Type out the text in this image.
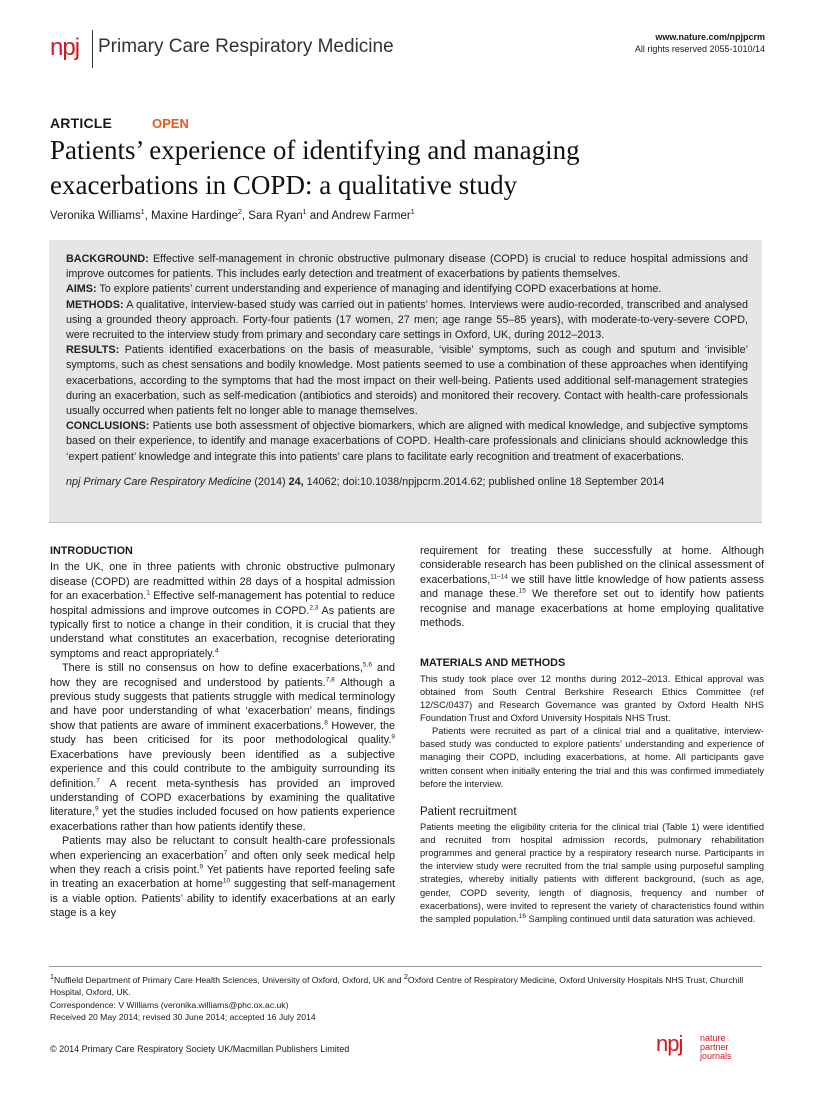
npj Primary Care Respiratory Medicine	www.nature.com/npjpcrm
All rights reserved 2055-1010/14
ARTICLE	OPEN
Patients’ experience of identifying and managing exacerbations in COPD: a qualitative study
Veronika Williams$^1$, Maxine Hardinge$^2$, Sara Ryan$^1$ and Andrew Farmer$^1$

BACKGROUND: Effective self-management in chronic obstructive pulmonary disease (COPD) is crucial to reduce hospital admissions and improve outcomes for patients. This includes early detection and treatment of exacerbations by patients themselves.

AIMS: To explore patients’ current understanding and experience of managing and identifying COPD exacerbations at home.

METHODS: A qualitative, interview-based study was carried out in patients’ homes. Interviews were audio-recorded, transcribed and analysed using a grounded theory approach. Forty-four patients (17 women, 27 men; age range 55–85 years), with moderate-to-very-severe COPD, were recruited to the interview study from primary and secondary care settings in Oxford, UK, during 2012–2013.

RESULTS: Patients identified exacerbations on the basis of measurable, ‘visible’ symptoms, such as cough and sputum and ‘invisible’ symptoms, such as chest sensations and bodily knowledge. Most patients seemed to use a combination of these approaches when identifying exacerbations, according to the symptoms that had the most impact on their well-being. Patients used additional self-management strategies during an exacerbation, such as self-medication (antibiotics and steroids) and monitored their recovery. Contact with health-care professionals usually occurred when patients felt no longer able to manage themselves.

CONCLUSIONS: Patients use both assessment of objective biomarkers, which are aligned with medical knowledge, and subjective symptoms based on their experience, to identify and manage exacerbations of COPD. Health-care professionals and clinicians should acknowledge this ‘expert patient’ knowledge and integrate this into patients’ care plans to facilitate early recognition and treatment of exacerbations.

npj Primary Care Respiratory Medicine (2014) 24, 14062; doi:10.1038/npjpcrm.2014.62; published online 18 September 2014

INTRODUCTION

In the UK, one in three patients with chronic obstructive pulmonary disease (COPD) are readmitted within 28 days of a hospital admission for an exacerbation.$^1$ Effective self-management has potential to reduce hospital admissions and improve outcomes in COPD.$^{2,3}$ As patients are typically first to notice a change in their condition, it is crucial that they understand what constitutes an exacerbation, recognise deteriorating symptoms and react appropriately.$^4$

There is still no consensus on how to define exacerbations,$^{5,6}$ and how they are recognised and understood by patients.$^{7,8}$ Although a previous study suggests that patients struggle with medical terminology and have poor understanding of what ‘exacerbation’ means, findings show that patients are aware of imminent exacerbations.$^8$ However, the study has been criticised for its poor methodological quality.$^9$ Exacerbations have previously been identified as a subjective experience and this could contribute to the ambiguity surrounding its definition.$^7$ A recent meta-synthesis has provided an improved understanding of COPD exacerbations by examining the qualitative literature,$^9$ yet the studies included focused on how patients experience exacerbations rather than how patients identify these.

Patients may also be reluctant to consult health-care professionals when experiencing an exacerbation$^7$ and often only seek medical help when they reach a crisis point.$^9$ Yet patients have reported feeling safe in treating an exacerbation at home$^{10}$ suggesting that self-management is a viable option. Patients’ ability to identify exacerbations at an early stage is a key

requirement for treating these successfully at home. Although considerable research has been published on the clinical assessment of exacerbations,$^{11-14}$ we still have little knowledge of how patients assess and manage these.$^{15}$ We therefore set out to identify how patients recognise and manage exacerbations at home employing qualitative methods.

MATERIALS AND METHODS

This study took place over 12 months during 2012–2013. Ethical approval was obtained from South Central Berkshire Research Ethics Committee (ref 12/SC/0437) and Research Governance was granted by Oxford Health NHS Foundation Trust and Oxford University Hospitals NHS Trust.

Patients were recruited as part of a clinical trial and a qualitative, interview-based study was conducted to explore patients’ understanding and experience of managing their COPD, including exacerbations, at home. All participants gave written consent when initially entering the trial and this was confirmed immediately before the interview.

Patient recruitment

Patients meeting the eligibility criteria for the clinical trial (Table 1) were identified and recruited from hospital admission records, pulmonary rehabilitation programmes and general practice by a respiratory research nurse. Participants in the interview study were recruited from the trial sample using purposeful sampling strategies, whereby initially patients with different background, (such as age, gender, COPD severity, length of diagnosis, frequency and number of exacerbations), were invited to represent the variety of characteristics found within the sampled population.$^{16}$ Sampling continued until data saturation was achieved.

$^1$Nuffield Department of Primary Care Health Sciences, University of Oxford, Oxford, UK and $^2$Oxford Centre of Respiratory Medicine, Oxford University Hospitals NHS Trust, Churchill Hospital, Oxford, UK.

Correspondence: V Williams (veronika.williams@phc.ox.ac.uk)

Received 20 May 2014; revised 30 June 2014; accepted 16 July 2014

© 2014 Primary Care Respiratory Society UK/Macmillan Publishers Limited	npj nature partner
journals
